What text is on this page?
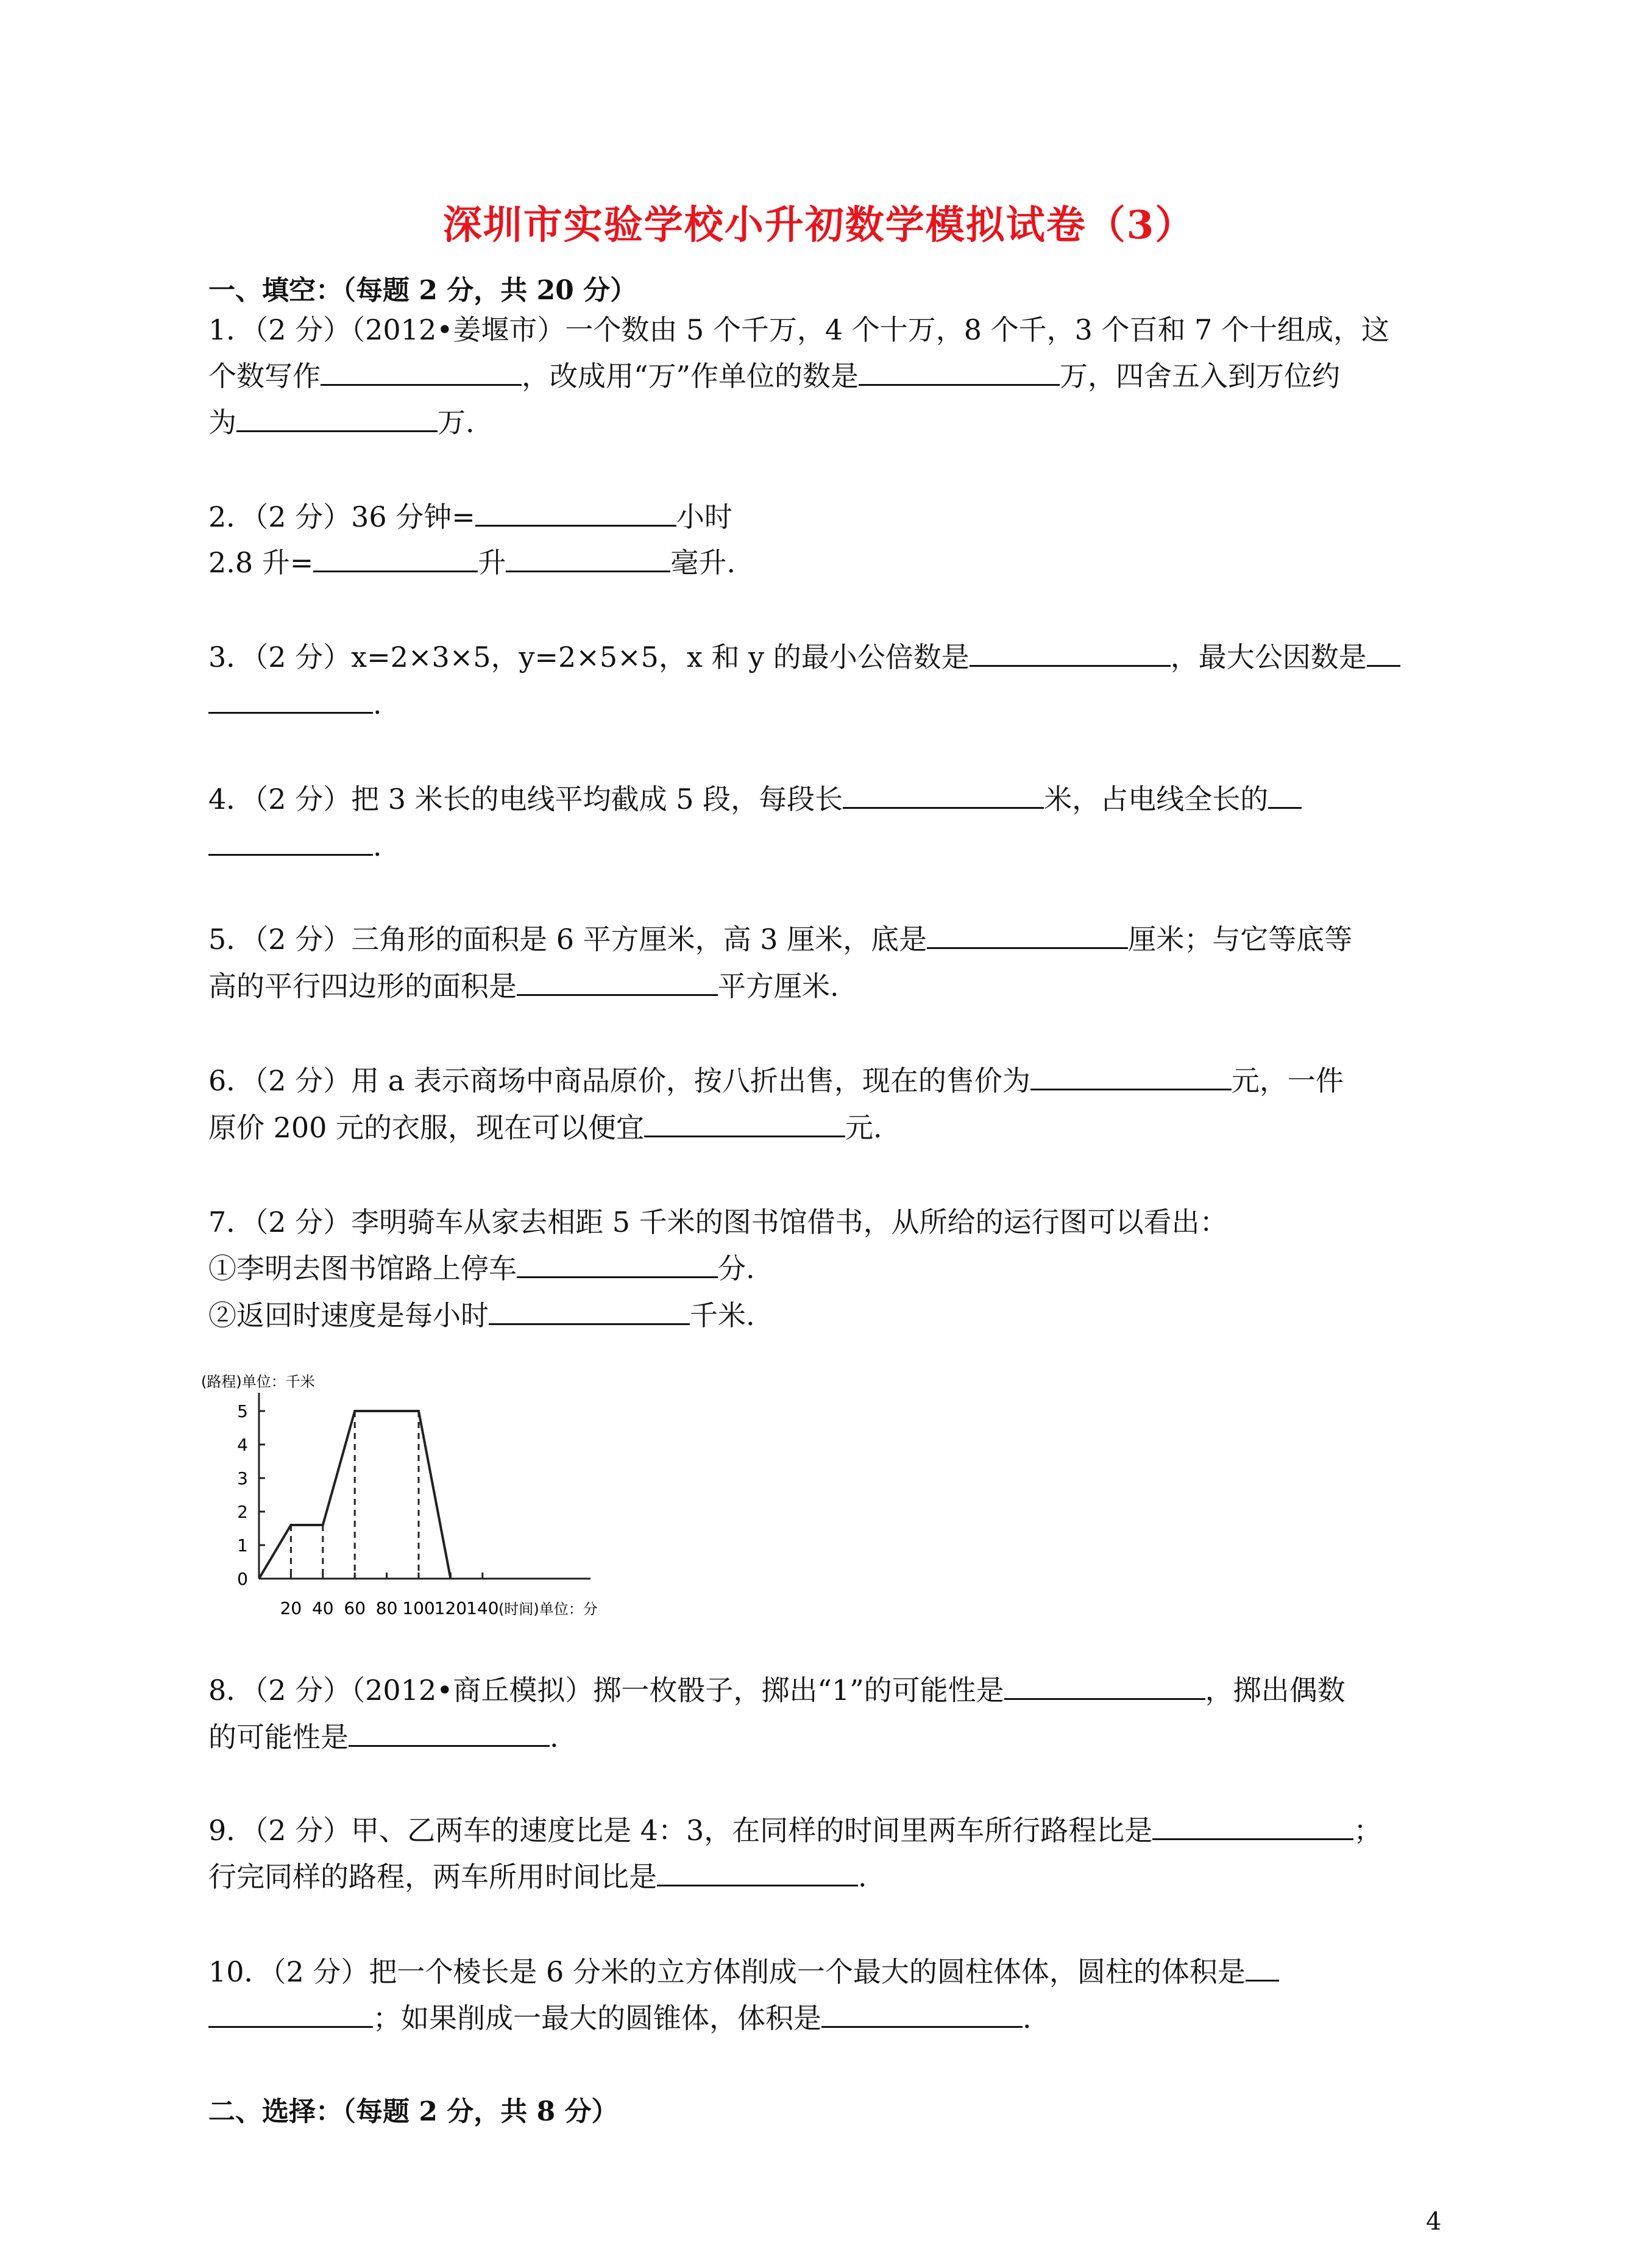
深圳市实验学校小升初数学模拟试卷（3）
一、填空：（每题 2 分，共 20 分）
1．（2 分）（2012•姜堰市）一个数由 5 个千万，4 个十万，8 个千，3 个百和 7 个十组成，这
个数写作	，改成用“万”作单位的数是	万，四舍五入到万位约
为	万.
2．（2 分）36 分钟=	小时
2.8 升=	升	毫升.
3．（2 分）x=2×3×5，y=2×5×5，x 和 y 的最小公倍数是	，最大公因数是
.
4．（2 分）把 3 米长的电线平均截成 5 段，每段长	米，占电线全长的
.
5．（2 分）三角形的面积是 6 平方厘米，高 3 厘米，底是	厘米；与它等底等
高的平行四边形的面积是	平方厘米.
6．（2 分）用 a 表示商场中商品原价，按八折出售，现在的售价为	元，一件
原价 200 元的衣服，现在可以便宜	元.
7．（2 分）李明骑车从家去相距 5 千米的图书馆借书，从所给的运行图可以看出：
①李明去图书馆路上停车	分.
②返回时速度是每小时	千米.
(路程)单位：千米
(时间)单位：分
0
1
2
3
4
5
20 40 60 80 100
120
140
8．（2 分）（2012•商丘模拟）掷一枚骰子，掷出“1”的可能性是	，掷出偶数
的可能性是	.
9．（2 分）甲、乙两车的速度比是 4：3，在同样的时间里两车所行路程比是	；
行完同样的路程，两车所用时间比是	.
10．（2 分）把一个棱长是 6 分米的立方体削成一个最大的圆柱体体，圆柱的体积是
；如果削成一最大的圆锥体，体积是	.
二、选择：（每题 2 分，共 8 分）
4
